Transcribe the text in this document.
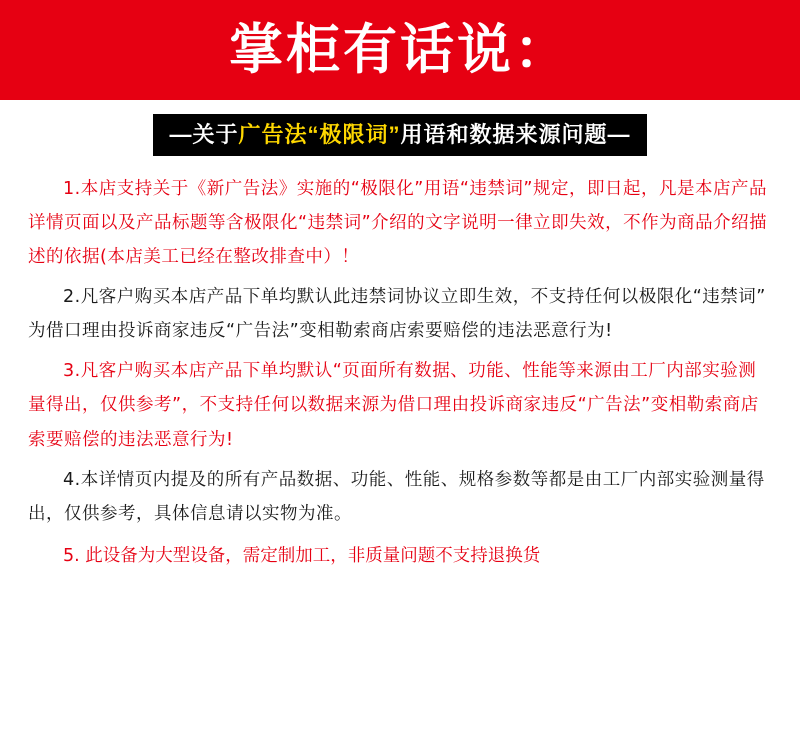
掌柜有话说：
—关于广告法“极限词”用语和数据来源问题—

1.本店支持关于《新广告法》实施的“极限化”用语“违禁词”规定，即日起，凡是本店产品详情页面以及产品标题等含极限化“违禁词”介绍的文字说明一律立即失效，不作为商品介绍描述的依据(本店美工已经在整改排查中）！

2.凡客户购买本店产品下单均默认此违禁词协议立即生效，不支持任何以极限化“违禁词”为借口理由投诉商家违反“广告法”变相勒索商店索要赔偿的违法恶意行为!

3.凡客户购买本店产品下单均默认“页面所有数据、功能、性能等来源由工厂内部实验测量得出，仅供参考”，不支持任何以数据来源为借口理由投诉商家违反“广告法”变相勒索商店索要赔偿的违法恶意行为!

4.本详情页内提及的所有产品数据、功能、性能、规格参数等都是由工厂内部实验测量得出，仅供参考，具体信息请以实物为准。

5. 此设备为大型设备，需定制加工，非质量问题不支持退换货
